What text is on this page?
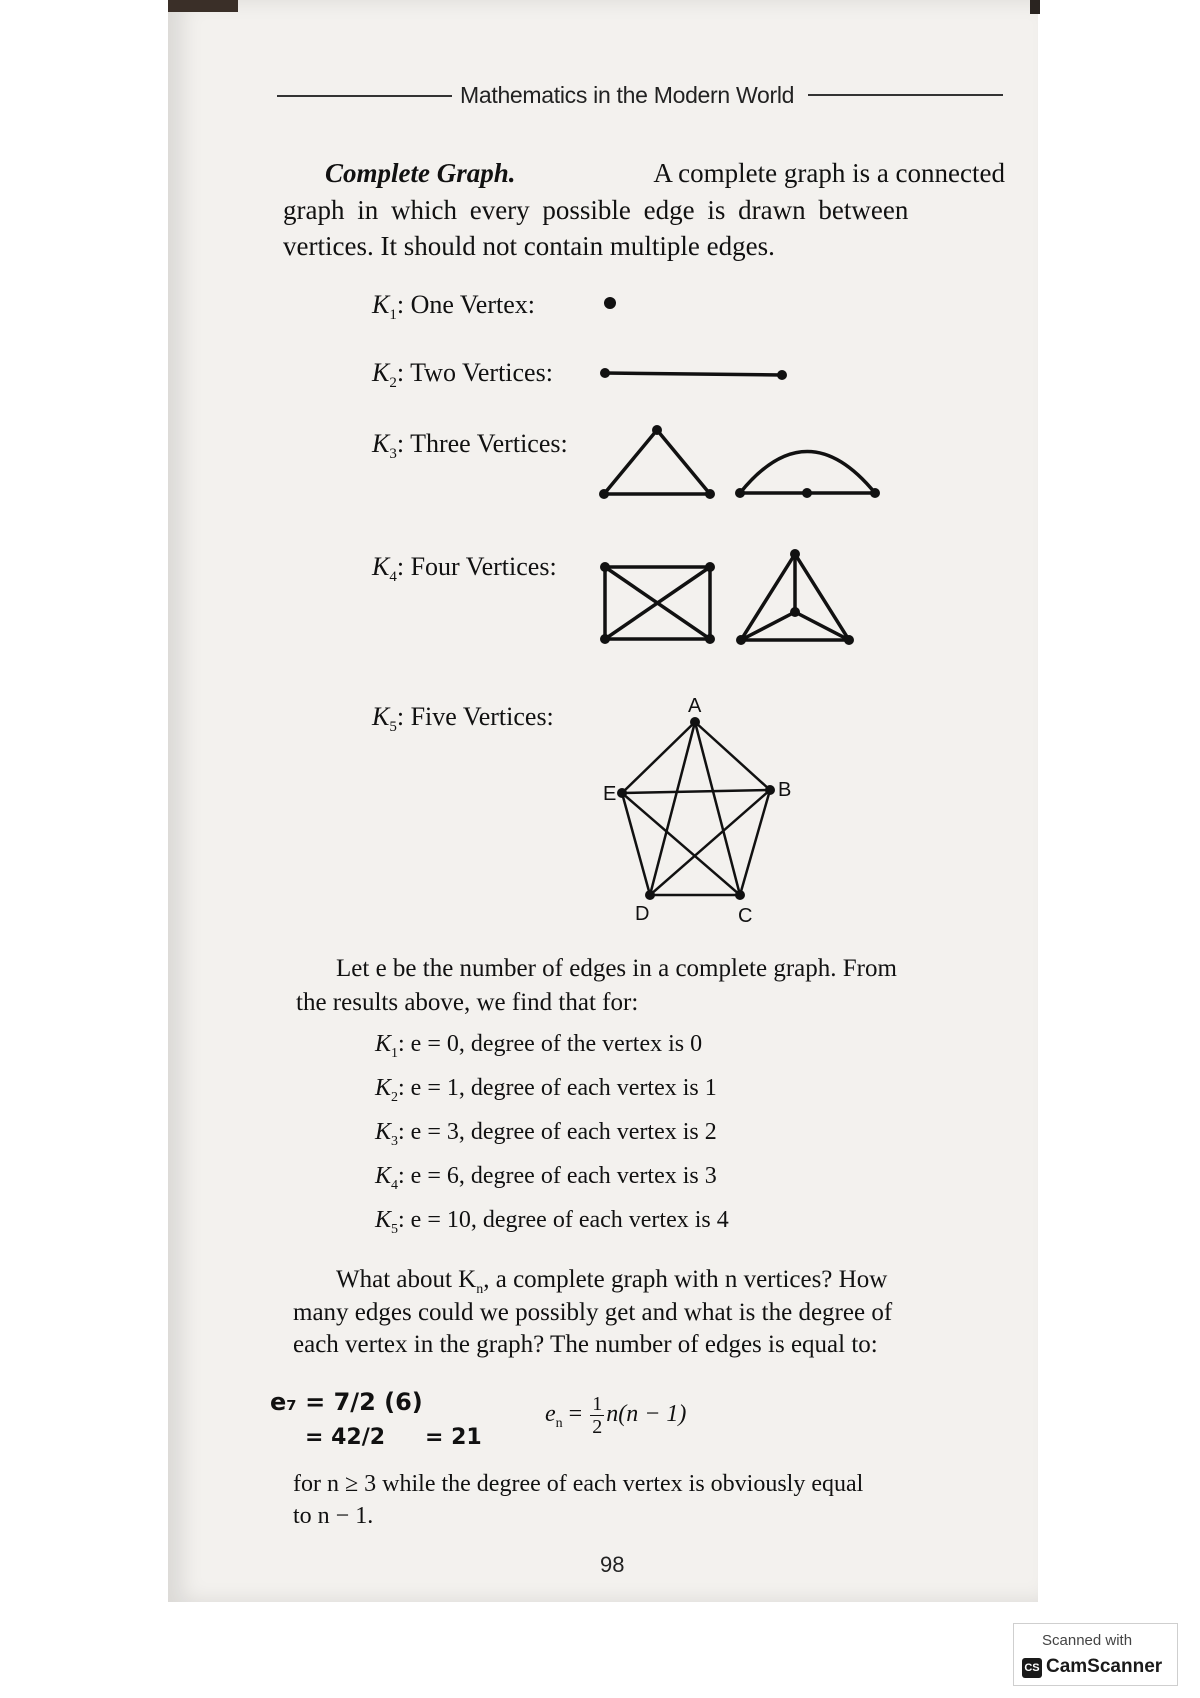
Mathematics in the Modern World
Complete Graph.	A complete graph is a connected
graph in which every possible edge is drawn between
vertices. It should not contain multiple edges.
$K_1$: One Vertex:
$K_2$: Two Vertices:
$K_3$: Three Vertices:
$K_4$: Four Vertices:
$K_5$: Five Vertices:	A
B
C
D
E
Let e be the number of edges in a complete graph. From
the results above, we find that for:
$K_1$: e = 0, degree of the vertex is 0
$K_2$: e = 1, degree of each vertex is 1
$K_3$: e = 3, degree of each vertex is 2
$K_4$: e = 6, degree of each vertex is 3
$K_5$: e = 10, degree of each vertex is 4
What about $K_n$, a complete graph with n vertices? How
many edges could we possibly get and what is the degree of
each vertex in the graph? The number of edges is equal to:
e₇ = 7/2 (6)
= 42/2 = 21
$e_n = \frac{1}{2} n(n - 1)$
for n ≥ 3 while the degree of each vertex is obviously equal
to n − 1.
98
Scanned with
CS CamScanner
